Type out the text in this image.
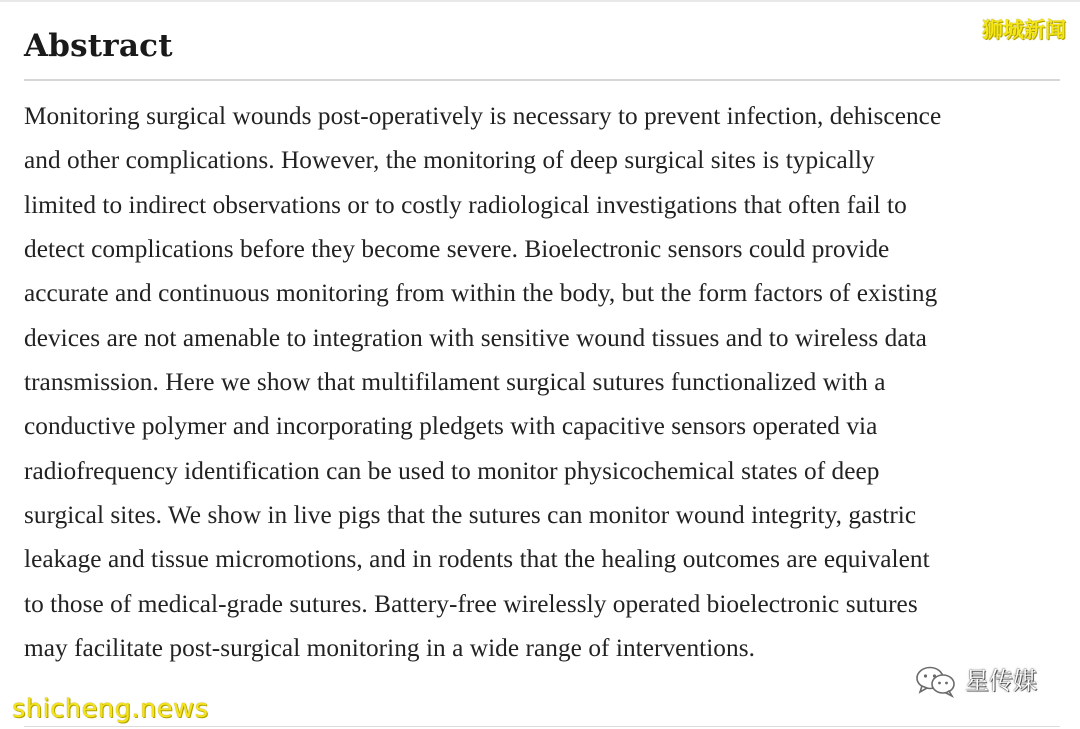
Abstract
Monitoring surgical wounds post-operatively is necessary to prevent infection, dehiscence
and other complications. However, the monitoring of deep surgical sites is typically
limited to indirect observations or to costly radiological investigations that often fail to
detect complications before they become severe. Bioelectronic sensors could provide
accurate and continuous monitoring from within the body, but the form factors of existing
devices are not amenable to integration with sensitive wound tissues and to wireless data
transmission. Here we show that multifilament surgical sutures functionalized with a
conductive polymer and incorporating pledgets with capacitive sensors operated via
radiofrequency identification can be used to monitor physicochemical states of deep
surgical sites. We show in live pigs that the sutures can monitor wound integrity, gastric
leakage and tissue micromotions, and in rodents that the healing outcomes are equivalent
to those of medical-grade sutures. Battery-free wirelessly operated bioelectronic sutures
may facilitate post-surgical monitoring in a wide range of interventions.
狮城新闻
shicheng.news
星传媒
